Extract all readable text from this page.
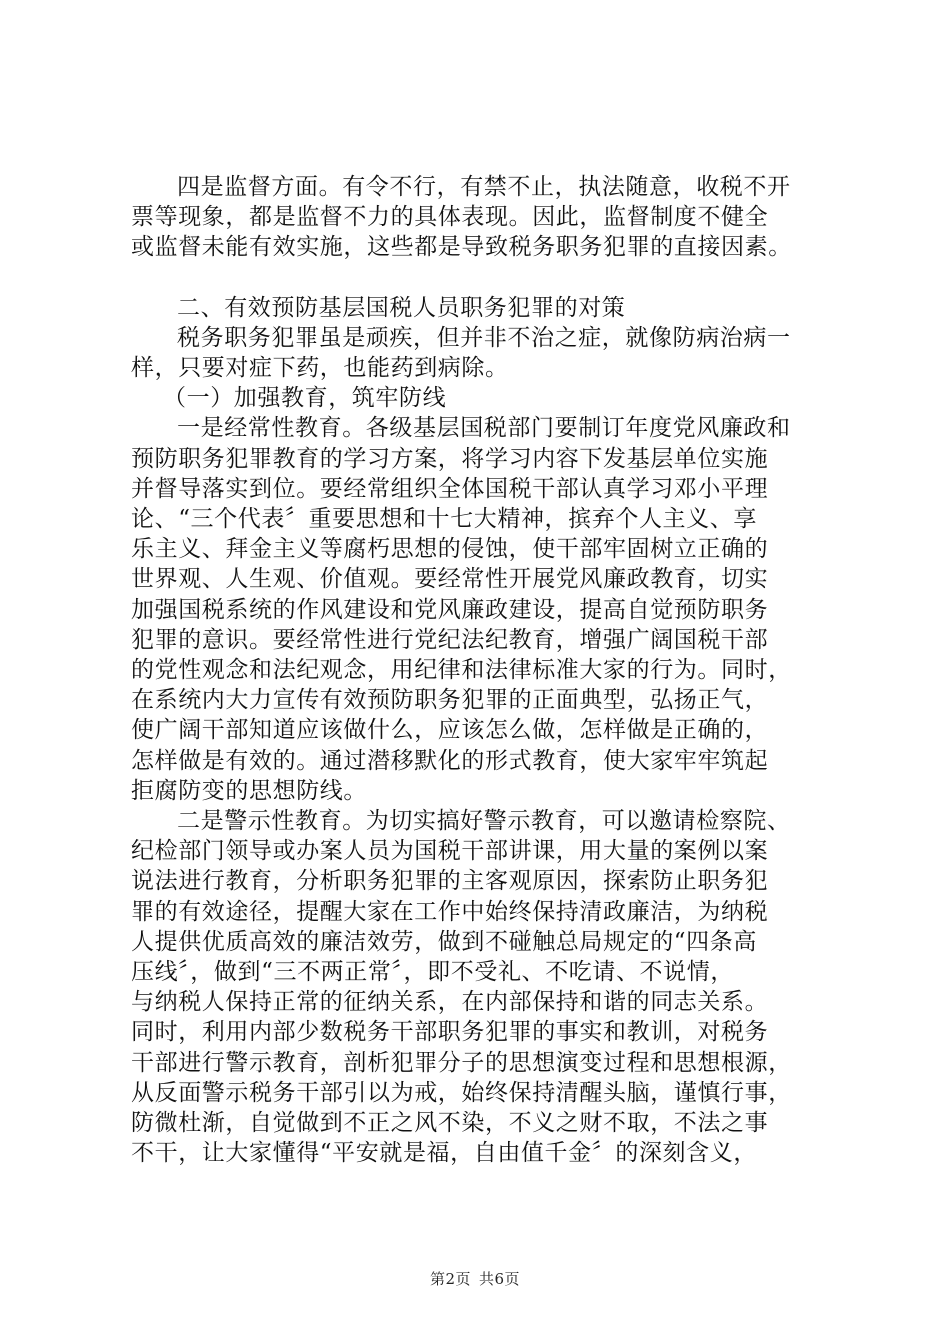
四是监督方面。有令不行，有禁不止，执法随意，收税不开
票等现象，都是监督不力的具体表现。因此，监督制度不健全
或监督未能有效实施，这些都是导致税务职务犯罪的直接因素。

二、有效预防基层国税人员职务犯罪的对策

税务职务犯罪虽是顽疾，但并非不治之症，就像防病治病一
样，只要对症下药，也能药到病除。

（一）加强教育，筑牢防线

一是经常性教育。各级基层国税部门要制订年度党风廉政和
预防职务犯罪教育的学习方案，将学习内容下发基层单位实施
并督导落实到位。要经常组织全体国税干部认真学习邓小平理
论、“三个代表〞重要思想和十七大精神，摈弃个人主义、享
乐主义、拜金主义等腐朽思想的侵蚀，使干部牢固树立正确的
世界观、人生观、价值观。要经常性开展党风廉政教育，切实
加强国税系统的作风建设和党风廉政建设，提高自觉预防职务
犯罪的意识。要经常性进行党纪法纪教育，增强广阔国税干部
的党性观念和法纪观念，用纪律和法律标准大家的行为。同时，
在系统内大力宣传有效预防职务犯罪的正面典型，弘扬正气，
使广阔干部知道应该做什么，应该怎么做，怎样做是正确的，
怎样做是有效的。通过潜移默化的形式教育，使大家牢牢筑起
拒腐防变的思想防线。

二是警示性教育。为切实搞好警示教育，可以邀请检察院、
纪检部门领导或办案人员为国税干部讲课，用大量的案例以案
说法进行教育，分析职务犯罪的主客观原因，探索防止职务犯
罪的有效途径，提醒大家在工作中始终保持清政廉洁，为纳税
人提供优质高效的廉洁效劳，做到不碰触总局规定的“四条高
压线〞，做到“三不两正常〞，即不受礼、不吃请、不说情，
与纳税人保持正常的征纳关系，在内部保持和谐的同志关系。
同时，利用内部少数税务干部职务犯罪的事实和教训，对税务
干部进行警示教育，剖析犯罪分子的思想演变过程和思想根源，
从反面警示税务干部引以为戒，始终保持清醒头脑，谨慎行事，
防微杜渐，自觉做到不正之风不染，不义之财不取，不法之事
不干，让大家懂得“平安就是福，自由值千金〞的深刻含义，

第2页 共6页
